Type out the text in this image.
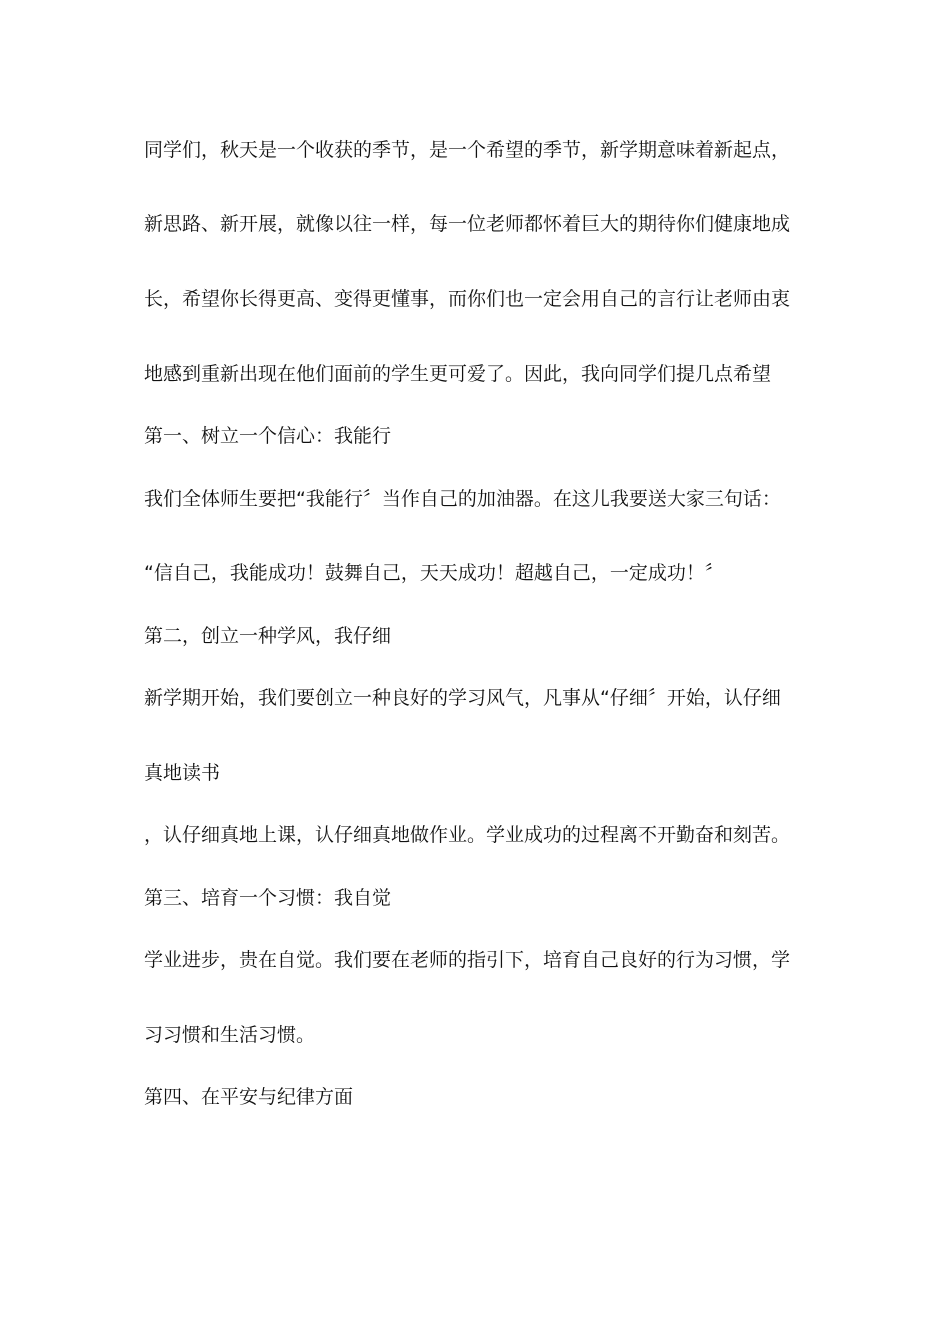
同学们，秋天是一个收获的季节，是一个希望的季节，新学期意味着新起点，
新思路、新开展，就像以往一样，每一位老师都怀着巨大的期待你们健康地成
长，希望你长得更高、变得更懂事，而你们也一定会用自己的言行让老师由衷
地感到重新出现在他们面前的学生更可爱了。因此，我向同学们提几点希望
第一、树立一个信心：我能行
我们全体师生要把“我能行〞当作自己的加油器。在这儿我要送大家三句话：
“信自己，我能成功！鼓舞自己，天天成功！超越自己，一定成功！〞
第二，创立一种学风，我仔细
新学期开始，我们要创立一种良好的学习风气，凡事从“仔细〞开始，认仔细
真地读书
，认仔细真地上课，认仔细真地做作业。学业成功的过程离不开勤奋和刻苦。
第三、培育一个习惯：我自觉
学业进步，贵在自觉。我们要在老师的指引下，培育自己良好的行为习惯，学
习习惯和生活习惯。
第四、在平安与纪律方面
